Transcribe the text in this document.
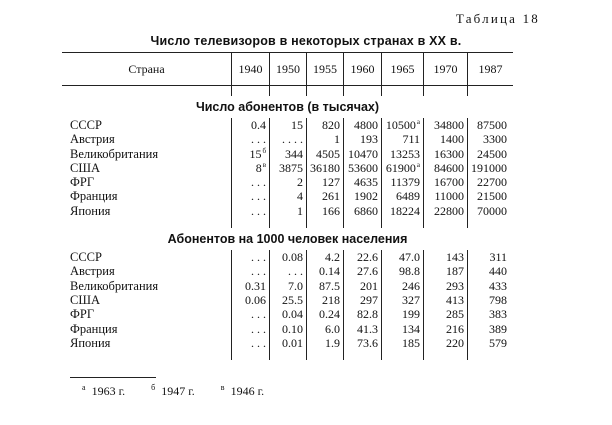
Таблица 18
Число телевизоров в некоторых странах в XX в.
Страна	1940	1950	1955	1960	1965	1970	1987

Число абонентов (в тысячах)							
СССР	0.4	15	820	4800	$10500^а$	34800	87500
Австрия	. . .	. . . .	1	193	711	1400	3300
Великобритания	$15^б$	344	4505	10470	13253	16300	24500
США	$8^в$	3875	36180	53600	$61900^а$	84600	191000
ФРГ	. . .	2	127	4635	11379	16700	22700
Франция	. . .	4	261	1902	6489	11000	21500
Япония	. . .	1	166	6860	18224	22800	70000

Абонентов на 1000 человек населения							
СССР	. . .	0.08	4.2	22.6	47.0	143	311
Австрия	. . .	. . .	0.14	27.6	98.8	187	440
Великобритания	0.31	7.0	87.5	201	246	293	433
США	0.06	25.5	218	297	327	413	798
ФРГ	. . .	0.04	0.24	82.8	199	285	383
Франция	. . .	0.10	6.0	41.3	134	216	389
Япония	. . .	0.01	1.9	73.6	185	220	579

$^а$ 1963 г.	$^б$ 1947 г.	$^в$ 1946 г.
